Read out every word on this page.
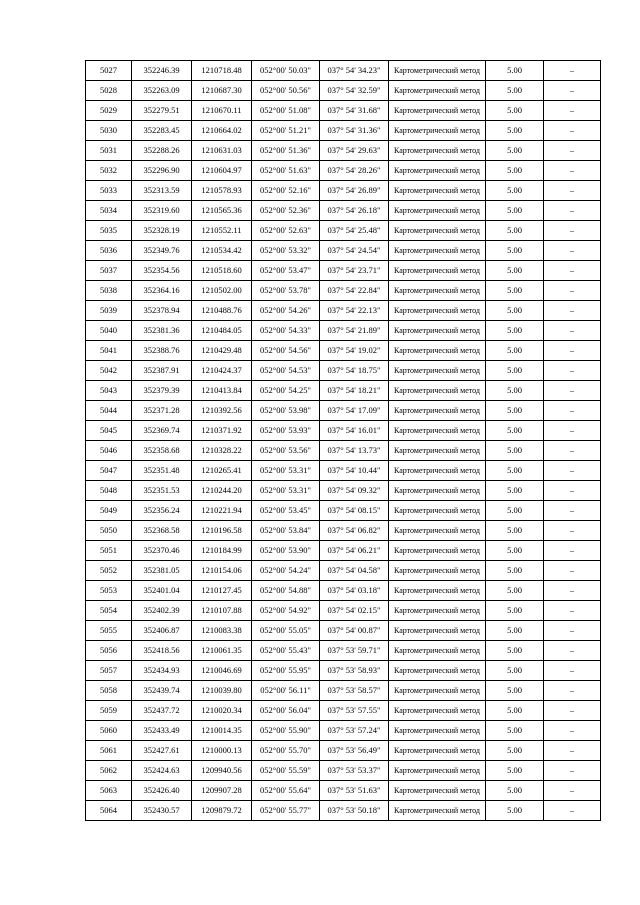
5027	352246.39	1210718.48	052°00' 50.03"	037° 54' 34.23"	Картометрический метод	5.00	–
5028	352263.09	1210687.30	052°00' 50.56"	037° 54' 32.59"	Картометрический метод	5.00	–
5029	352279.51	1210670.11	052°00' 51.08"	037° 54' 31.68"	Картометрический метод	5.00	–
5030	352283.45	1210664.02	052°00' 51.21"	037° 54' 31.36"	Картометрический метод	5.00	–
5031	352288.26	1210631.03	052°00' 51.36"	037° 54' 29.63"	Картометрический метод	5.00	–
5032	352296.90	1210604.97	052°00' 51.63"	037° 54' 28.26"	Картометрический метод	5.00	–
5033	352313.59	1210578.93	052°00' 52.16"	037° 54' 26.89"	Картометрический метод	5.00	–
5034	352319.60	1210565.36	052°00' 52.36"	037° 54' 26.18"	Картометрический метод	5.00	–
5035	352328.19	1210552.11	052°00' 52.63"	037° 54' 25.48"	Картометрический метод	5.00	–
5036	352349.76	1210534.42	052°00' 53.32"	037° 54' 24.54"	Картометрический метод	5.00	–
5037	352354.56	1210518.60	052°00' 53.47"	037° 54' 23.71"	Картометрический метод	5.00	–
5038	352364.16	1210502.00	052°00' 53.78"	037° 54' 22.84"	Картометрический метод	5.00	–
5039	352378.94	1210488.76	052°00' 54.26"	037° 54' 22.13"	Картометрический метод	5.00	–
5040	352381.36	1210484.05	052°00' 54.33"	037° 54' 21.89"	Картометрический метод	5.00	–
5041	352388.76	1210429.48	052°00' 54.56"	037° 54' 19.02"	Картометрический метод	5.00	–
5042	352387.91	1210424.37	052°00' 54.53"	037° 54' 18.75"	Картометрический метод	5.00	–
5043	352379.39	1210413.84	052°00' 54.25"	037° 54' 18.21"	Картометрический метод	5.00	–
5044	352371.28	1210392.56	052°00' 53.98"	037° 54' 17.09"	Картометрический метод	5.00	–
5045	352369.74	1210371.92	052°00' 53.93"	037° 54' 16.01"	Картометрический метод	5.00	–
5046	352358.68	1210328.22	052°00' 53.56"	037° 54' 13.73"	Картометрический метод	5.00	–
5047	352351.48	1210265.41	052°00' 53.31"	037° 54' 10.44"	Картометрический метод	5.00	–
5048	352351.53	1210244.20	052°00' 53.31"	037° 54' 09.32"	Картометрический метод	5.00	–
5049	352356.24	1210221.94	052°00' 53.45"	037° 54' 08.15"	Картометрический метод	5.00	–
5050	352368.58	1210196.58	052°00' 53.84"	037° 54' 06.82"	Картометрический метод	5.00	–
5051	352370.46	1210184.99	052°00' 53.90"	037° 54' 06.21"	Картометрический метод	5.00	–
5052	352381.05	1210154.06	052°00' 54.24"	037° 54' 04.58"	Картометрический метод	5.00	–
5053	352401.04	1210127.45	052°00' 54.88"	037° 54' 03.18"	Картометрический метод	5.00	–
5054	352402.39	1210107.88	052°00' 54.92"	037° 54' 02.15"	Картометрический метод	5.00	–
5055	352406.87	1210083.38	052°00' 55.05"	037° 54' 00.87"	Картометрический метод	5.00	–
5056	352418.56	1210061.35	052°00' 55.43"	037° 53' 59.71"	Картометрический метод	5.00	–
5057	352434.93	1210046.69	052°00' 55.95"	037° 53' 58.93"	Картометрический метод	5.00	–
5058	352439.74	1210039.80	052°00' 56.11"	037° 53' 58.57"	Картометрический метод	5.00	–
5059	352437.72	1210020.34	052°00' 56.04"	037° 53' 57.55"	Картометрический метод	5.00	–
5060	352433.49	1210014.35	052°00' 55.90"	037° 53' 57.24"	Картометрический метод	5.00	–
5061	352427.61	1210000.13	052°00' 55.70"	037° 53' 56.49"	Картометрический метод	5.00	–
5062	352424.63	1209940.56	052°00' 55.59"	037° 53' 53.37"	Картометрический метод	5.00	–
5063	352426.40	1209907.28	052°00' 55.64"	037° 53' 51.63"	Картометрический метод	5.00	–
5064	352430.57	1209879.72	052°00' 55.77"	037° 53' 50.18"	Картометрический метод	5.00	–
